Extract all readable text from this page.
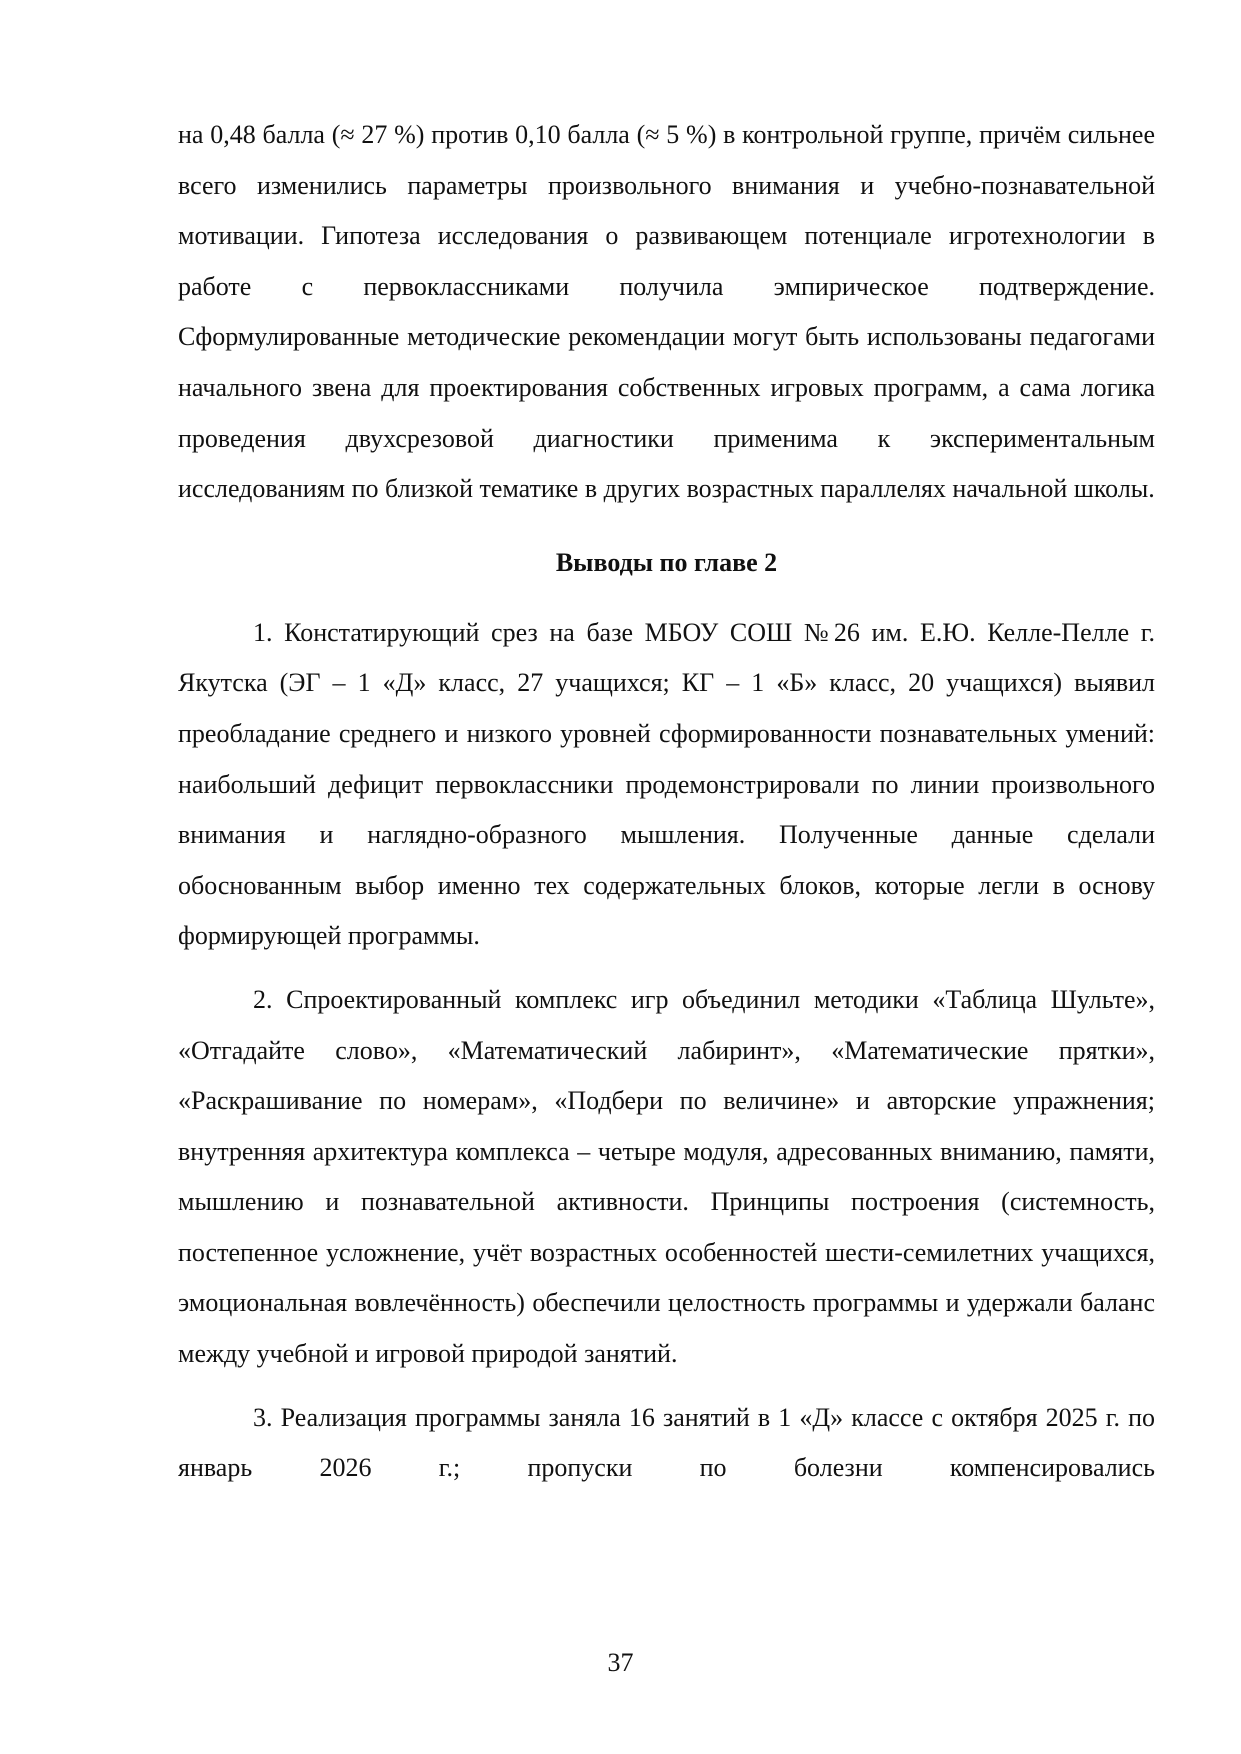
на 0,48 балла (≈ 27 %) против 0,10 балла (≈ 5 %) в контрольной группе, причём сильнее всего изменились параметры произвольного внимания и учебно-познавательной мотивации. Гипотеза исследования о развивающем потенциале игротехнологии в работе с первоклассниками получила эмпирическое подтверждение. Сформулированные методические рекомендации могут быть использованы педагогами начального звена для проектирования собственных игровых программ, а сама логика проведения двухсрезовой диагностики применима к экспериментальным исследованиям по близкой тематике в других возрастных параллелях начальной школы.

Выводы по главе 2

1. Констатирующий срез на базе МБОУ СОШ №26 им. Е.Ю. Келле-Пелле г. Якутска (ЭГ – 1 «Д» класс, 27 учащихся; КГ – 1 «Б» класс, 20 учащихся) выявил преобладание среднего и низкого уровней сформированности познавательных умений: наибольший дефицит первоклассники продемонстрировали по линии произвольного внимания и наглядно-образного мышления. Полученные данные сделали обоснованным выбор именно тех содержательных блоков, которые легли в основу формирующей программы.

2. Спроектированный комплекс игр объединил методики «Таблица Шульте», «Отгадайте слово», «Математический лабиринт», «Математические прятки», «Раскрашивание по номерам», «Подбери по величине» и авторские упражнения; внутренняя архитектура комплекса – четыре модуля, адресованных вниманию, памяти, мышлению и познавательной активности. Принципы построения (системность, постепенное усложнение, учёт возрастных особенностей шести-семилетних учащихся, эмоциональная вовлечённость) обеспечили целостность программы и удержали баланс между учебной и игровой природой занятий.

3. Реализация программы заняла 16 занятий в 1 «Д» классе с октября 2025 г. по январь 2026 г.; пропуски по болезни компенсировались

37
